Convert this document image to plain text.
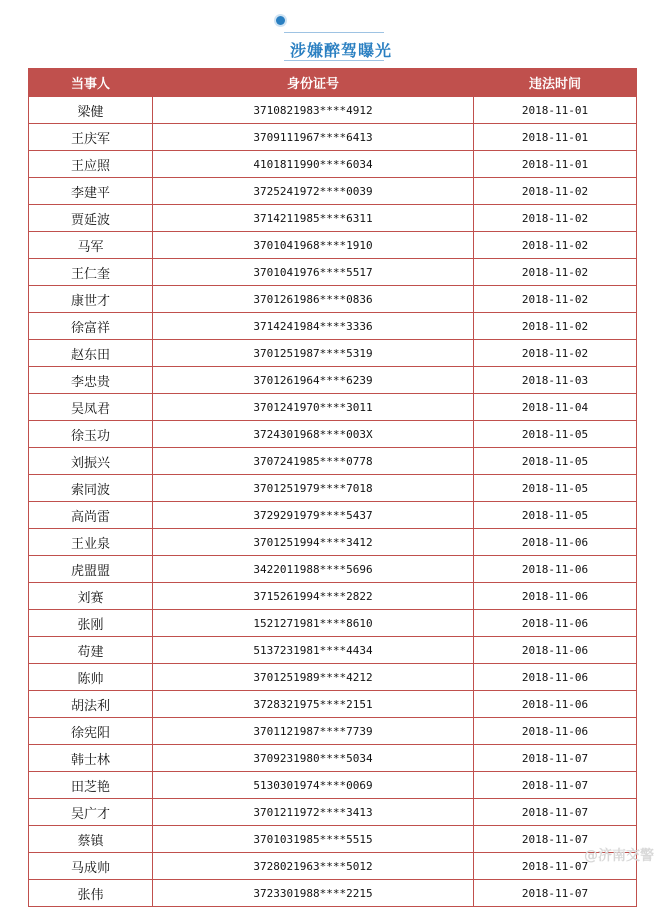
涉嫌醉驾曝光
当事人	身份证号	违法时间
梁健	3710821983****4912	2018-11-01
王庆军	3709111967****6413	2018-11-01
王应照	4101811990****6034	2018-11-01
李建平	3725241972****0039	2018-11-02
贾延波	3714211985****6311	2018-11-02
马军	3701041968****1910	2018-11-02
王仁奎	3701041976****5517	2018-11-02
康世才	3701261986****0836	2018-11-02
徐富祥	3714241984****3336	2018-11-02
赵东田	3701251987****5319	2018-11-02
李忠贵	3701261964****6239	2018-11-03
吴凤君	3701241970****3011	2018-11-04
徐玉功	3724301968****003X	2018-11-05
刘振兴	3707241985****0778	2018-11-05
索同波	3701251979****7018	2018-11-05
高尚雷	3729291979****5437	2018-11-05
王业泉	3701251994****3412	2018-11-06
虎盟盟	3422011988****5696	2018-11-06
刘赛	3715261994****2822	2018-11-06
张刚	1521271981****8610	2018-11-06
苟建	5137231981****4434	2018-11-06
陈帅	3701251989****4212	2018-11-06
胡法利	3728321975****2151	2018-11-06
徐宪阳	3701121987****7739	2018-11-06
韩士林	3709231980****5034	2018-11-07
田芝艳	5130301974****0069	2018-11-07
吴广才	3701211972****3413	2018-11-07
蔡镇	3701031985****5515	2018-11-07
马成帅	3728021963****5012	2018-11-07
张伟	3723301988****2215	2018-11-07
@济南交警
